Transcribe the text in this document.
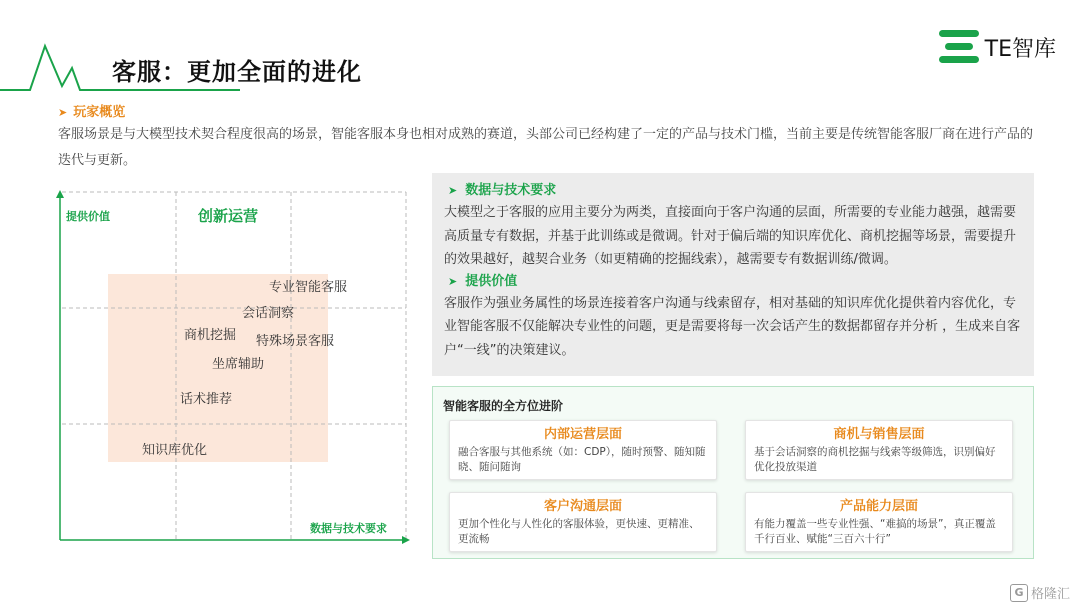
客服：更加全面的进化
TE智库
➤ 玩家概览
客服场景是与大模型技术契合程度很高的场景，智能客服本身也相对成熟的赛道，头部公司已经构建了一定的产品与技术门槛，当前主要是传统智能客服厂商在进行产品的迭代与更新。
提供价值	创新运营
数据与技术要求
专业智能客服
会话洞察
商机挖掘 特殊场景客服
坐席辅助
话术推荐
知识库优化
➤ 数据与技术要求
大模型之于客服的应用主要分为两类，直接面向于客户沟通的层面，所需要的专业能力越强，越需要高质量专有数据，并基于此训练或是微调。针对于偏后端的知识库优化、商机挖掘等场景，需要提升的效果越好，越契合业务（如更精确的挖掘线索），越需要专有数据训练/微调。
➤ 提供价值
客服作为强业务属性的场景连接着客户沟通与线索留存，相对基础的知识库优化提供着内容优化，专业智能客服不仅能解决专业性的问题，更是需要将每一次会话产生的数据都留存并分析 ，生成来自客户“一线”的决策建议。
智能客服的全方位进阶
内部运营层面
融合客服与其他系统（如：CDP），随时预警、随知随晓、随问随询
商机与销售层面
基于会话洞察的商机挖掘与线索等级筛选，识别偏好优化投放渠道
客户沟通层面
更加个性化与人性化的客服体验，更快速、更精准、更流畅
产品能力层面
有能力覆盖一些专业性强、“难搞的场景”，真正覆盖千行百业、赋能“三百六十行”
G 格隆汇
